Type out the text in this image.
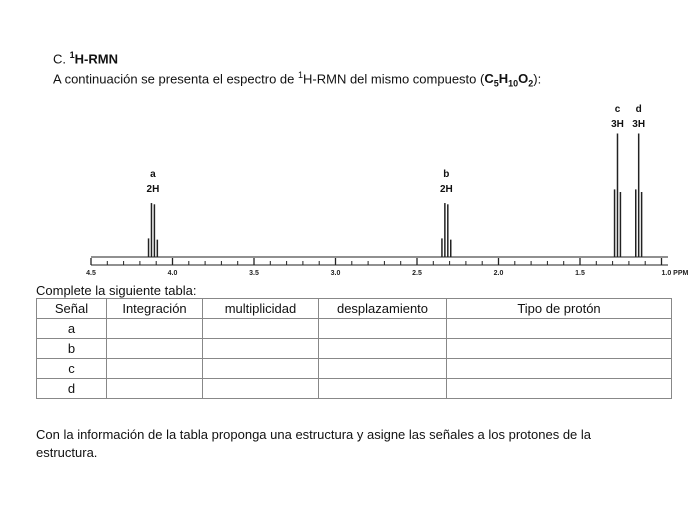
C. $^1$H-RMN
A continuación se presenta el espectro de $^1$H-RMN del mismo compuesto $(C_5H_{10}O_2)$:
a
2H
b
2H
c
3H
d
3H
4.5	4.0	3.5	3.0	2.5	2.0	1.5	1.0 PPM
Complete la siguiente tabla:
Señal	Integración	multiplicidad	desplazamiento	Tipo de protón
a				
b				
c				
d				
Con la información de la tabla proponga una estructura y asigne las señales a los protones de la estructura.
